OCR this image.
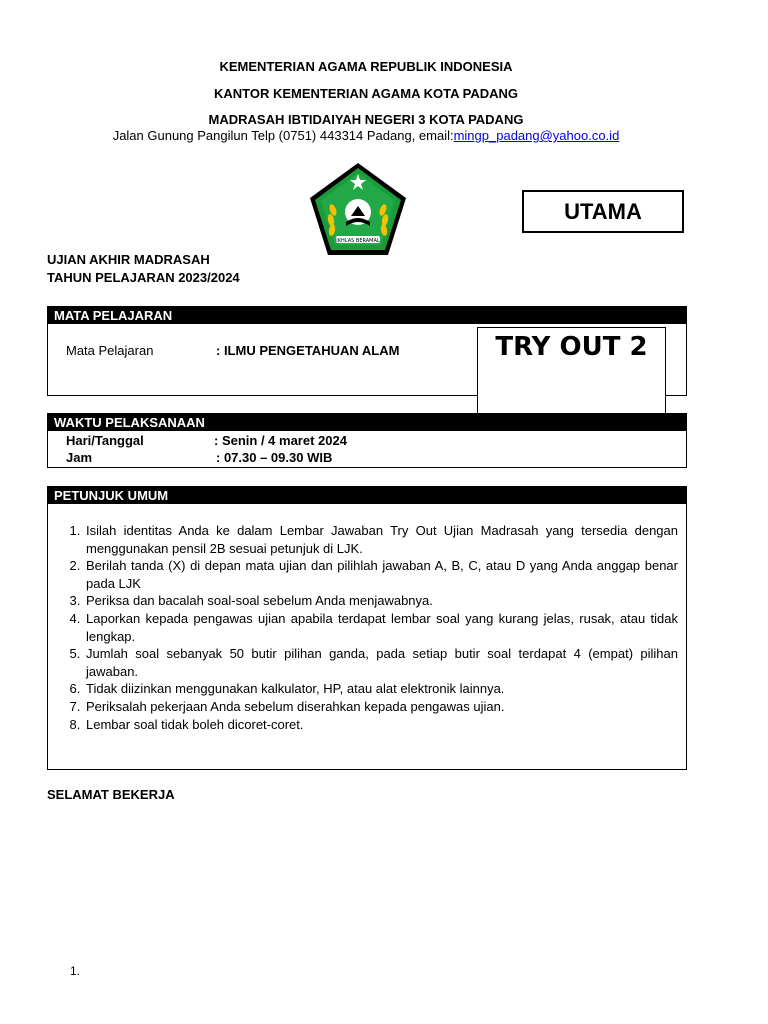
KEMENTERIAN AGAMA REPUBLIK INDONESIA
KANTOR KEMENTERIAN AGAMA KOTA PADANG
MADRASAH IBTIDAIYAH NEGERI 3 KOTA PADANG
Jalan Gunung Pangilun Telp (0751) 443314 Padang, email:mingp_padang@yahoo.co.id
IKHLAS BERAMAL
UTAMA
UJIAN AKHIR MADRASAH
TAHUN PELAJARAN 2023/2024
MATA PELAJARAN
Mata Pelajaran	: ILMU PENGETAHUAN ALAM	TRY OUT 2
WAKTU PELAKSANAAN
Hari/Tanggal	: Senin / 4 maret 2024
Jam	: 07.30 – 09.30 WIB
PETUNJUK UMUM
1. Isilah identitas Anda ke dalam Lembar Jawaban Try Out Ujian Madrasah yang tersedia dengan menggunakan pensil 2B sesuai petunjuk di LJK.
2. Berilah tanda (X) di depan mata ujian dan pilihlah jawaban A, B, C, atau D yang Anda anggap benar pada LJK
3. Periksa dan bacalah soal-soal sebelum Anda menjawabnya.
4. Laporkan kepada pengawas ujian apabila terdapat lembar soal yang kurang jelas, rusak, atau tidak lengkap.
5. Jumlah soal sebanyak 50 butir pilihan ganda, pada setiap butir soal terdapat 4 (empat) pilihan jawaban.
6. Tidak diizinkan menggunakan kalkulator, HP, atau alat elektronik lainnya.
7. Periksalah pekerjaan Anda sebelum diserahkan kepada pengawas ujian.
8. Lembar soal tidak boleh dicoret-coret.
SELAMAT BEKERJA
1.
